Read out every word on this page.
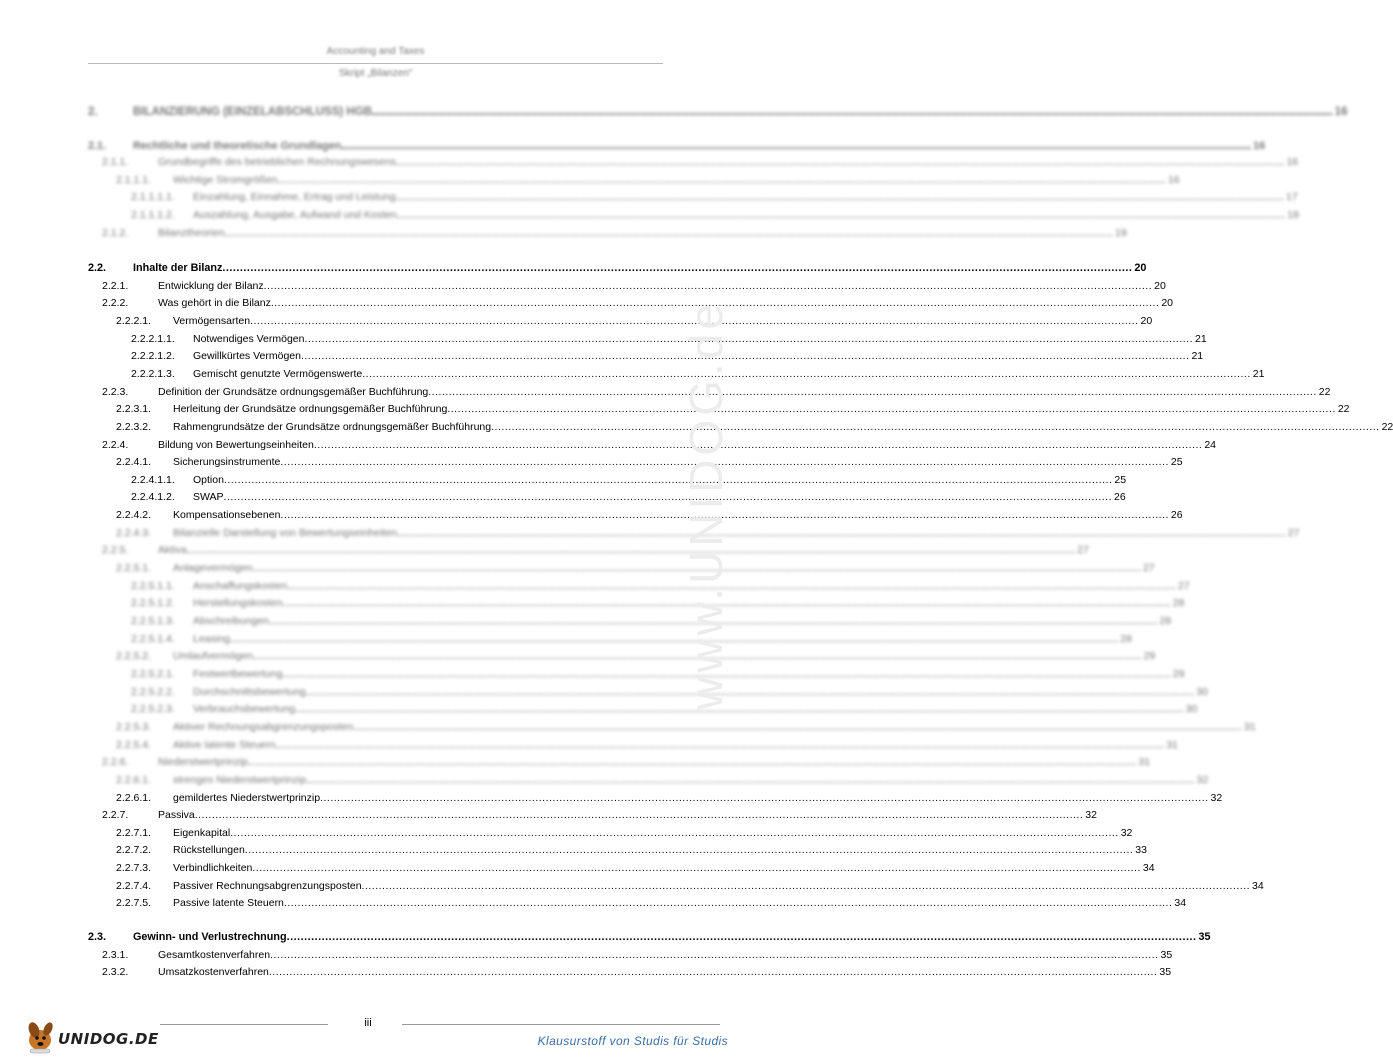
Accounting and Taxes
Skript „Bilanzen“
2.	BILANZIERUNG (EINZELABSCHLUSS) HGB .................................................................................................................................................................................................................................................................... 16
2.1. Rechtliche und theoretische Grundlagen .................................................................................................................................................................................................................................................................... 16
2.1.1.	Grundbegriffe des betrieblichen Rechnungswesens .................................................................................................................................................................................................................................................................... 16
2.1.1.1. Wichtige Stromgrößen .................................................................................................................................................................................................................................................................... 16
2.1.1.1.1. Einzahlung, Einnahme, Ertrag und Leistung .................................................................................................................................................................................................................................................................... 17
2.1.1.1.2. Auszahlung, Ausgabe, Aufwand und Kosten .................................................................................................................................................................................................................................................................... 18
2.1.2.	Bilanztheorien .................................................................................................................................................................................................................................................................... 19
2.2. Inhalte der Bilanz .................................................................................................................................................................................................................................................................... 20
2.2.1.	Entwicklung der Bilanz .................................................................................................................................................................................................................................................................... 20
2.2.2.	Was gehört in die Bilanz .................................................................................................................................................................................................................................................................... 20
2.2.2.1. Vermögensarten .................................................................................................................................................................................................................................................................... 20
2.2.2.1.1. Notwendiges Vermögen .................................................................................................................................................................................................................................................................... 21
2.2.2.1.2. Gewillkürtes Vermögen .................................................................................................................................................................................................................................................................... 21
2.2.2.1.3. Gemischt genutzte Vermögenswerte .................................................................................................................................................................................................................................................................... 21
2.2.3.	Definition der Grundsätze ordnungsgemäßer Buchführung .................................................................................................................................................................................................................................................................... 22
2.2.3.1. Herleitung der Grundsätze ordnungsgemäßer Buchführung .................................................................................................................................................................................................................................................................... 22
2.2.3.2. Rahmengrundsätze der Grundsätze ordnungsgemäßer Buchführung .................................................................................................................................................................................................................................................................... 22
2.2.4.	Bildung von Bewertungseinheiten .................................................................................................................................................................................................................................................................... 24
2.2.4.1. Sicherungsinstrumente .................................................................................................................................................................................................................................................................... 25
2.2.4.1.1. Option .................................................................................................................................................................................................................................................................... 25
2.2.4.1.2. SWAP .................................................................................................................................................................................................................................................................... 26
2.2.4.2. Kompensationsebenen .................................................................................................................................................................................................................................................................... 26
2.2.4.3. Bilanzielle Darstellung von Bewertungseinheiten .................................................................................................................................................................................................................................................................... 27
2.2.5.	Aktiva .................................................................................................................................................................................................................................................................... 27
2.2.5.1. Anlagevermögen .................................................................................................................................................................................................................................................................... 27
2.2.5.1.1. Anschaffungskosten .................................................................................................................................................................................................................................................................... 27
2.2.5.1.2. Herstellungskosten .................................................................................................................................................................................................................................................................... 28
2.2.5.1.3. Abschreibungen .................................................................................................................................................................................................................................................................... 28
2.2.5.1.4. Leasing .................................................................................................................................................................................................................................................................... 28
2.2.5.2. Umlaufvermögen .................................................................................................................................................................................................................................................................... 29
2.2.5.2.1. Festwertbewertung .................................................................................................................................................................................................................................................................... 29
2.2.5.2.2. Durchschnittsbewertung .................................................................................................................................................................................................................................................................... 30
2.2.5.2.3. Verbrauchsbewertung .................................................................................................................................................................................................................................................................... 30
2.2.5.3. Aktiver Rechnungsabgrenzungsposten .................................................................................................................................................................................................................................................................... 31
2.2.5.4. Aktive latente Steuern .................................................................................................................................................................................................................................................................... 31
2.2.6.	Niederstwertprinzip .................................................................................................................................................................................................................................................................... 31
2.2.6.1. strenges Niederstwertprinzip .................................................................................................................................................................................................................................................................... 32
2.2.6.1. gemildertes Niederstwertprinzip .................................................................................................................................................................................................................................................................... 32
2.2.7.	Passiva .................................................................................................................................................................................................................................................................... 32
2.2.7.1. Eigenkapital .................................................................................................................................................................................................................................................................... 32
2.2.7.2. Rückstellungen .................................................................................................................................................................................................................................................................... 33
2.2.7.3. Verbindlichkeiten .................................................................................................................................................................................................................................................................... 34
2.2.7.4. Passiver Rechnungsabgrenzungsposten .................................................................................................................................................................................................................................................................... 34
2.2.7.5. Passive latente Steuern .................................................................................................................................................................................................................................................................... 34
2.3. Gewinn- und Verlustrechnung .................................................................................................................................................................................................................................................................... 35
2.3.1.	Gesamtkostenverfahren .................................................................................................................................................................................................................................................................... 35
2.3.2.	Umsatzkostenverfahren .................................................................................................................................................................................................................................................................... 35
www.UNIDOG.de
UNIDOG.DE
iii
Klausurstoff von Studis für Studis
